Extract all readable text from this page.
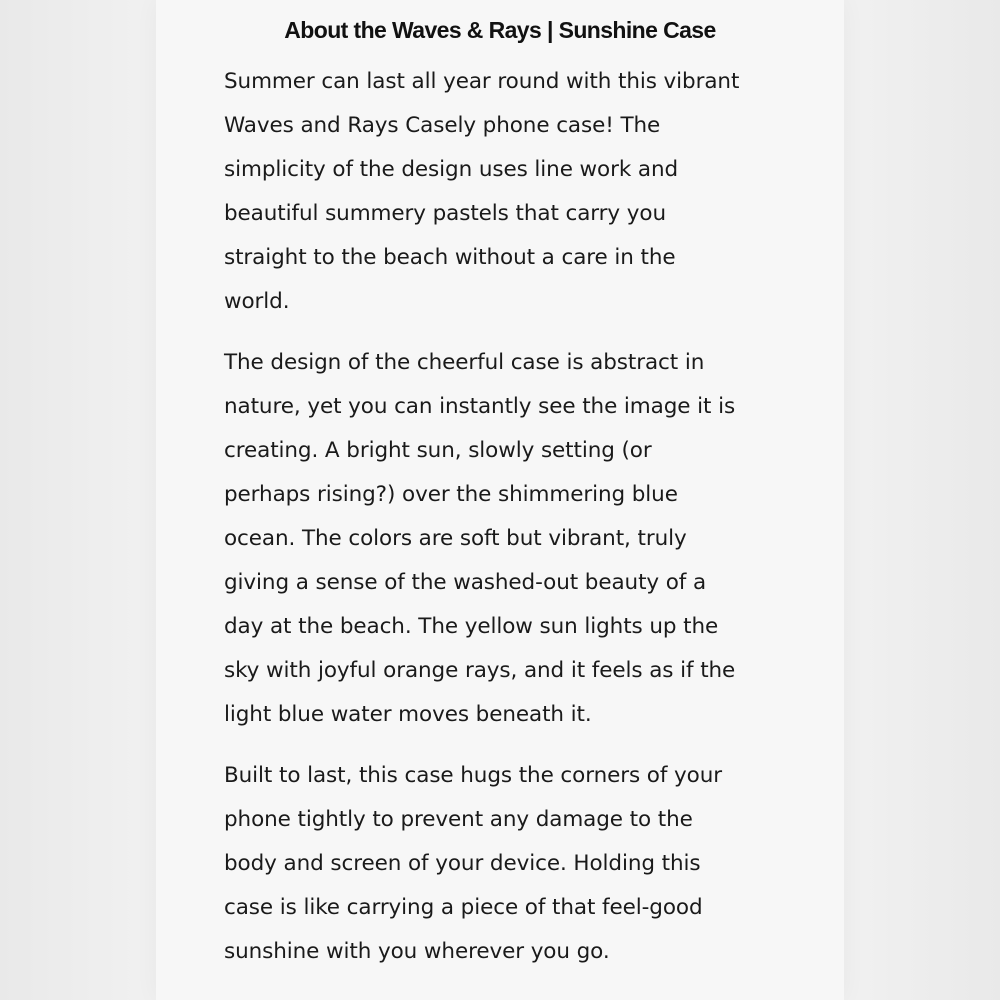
About the Waves & Rays | Sunshine Case

Summer can last all year round with this vibrant
Waves and Rays Casely phone case! The
simplicity of the design uses line work and
beautiful summery pastels that carry you
straight to the beach without a care in the
world.

The design of the cheerful case is abstract in
nature, yet you can instantly see the image it is
creating. A bright sun, slowly setting (or
perhaps rising?) over the shimmering blue
ocean. The colors are soft but vibrant, truly
giving a sense of the washed-out beauty of a
day at the beach. The yellow sun lights up the
sky with joyful orange rays, and it feels as if the
light blue water moves beneath it.

Built to last, this case hugs the corners of your
phone tightly to prevent any damage to the
body and screen of your device. Holding this
case is like carrying a piece of that feel-good
sunshine with you wherever you go.
